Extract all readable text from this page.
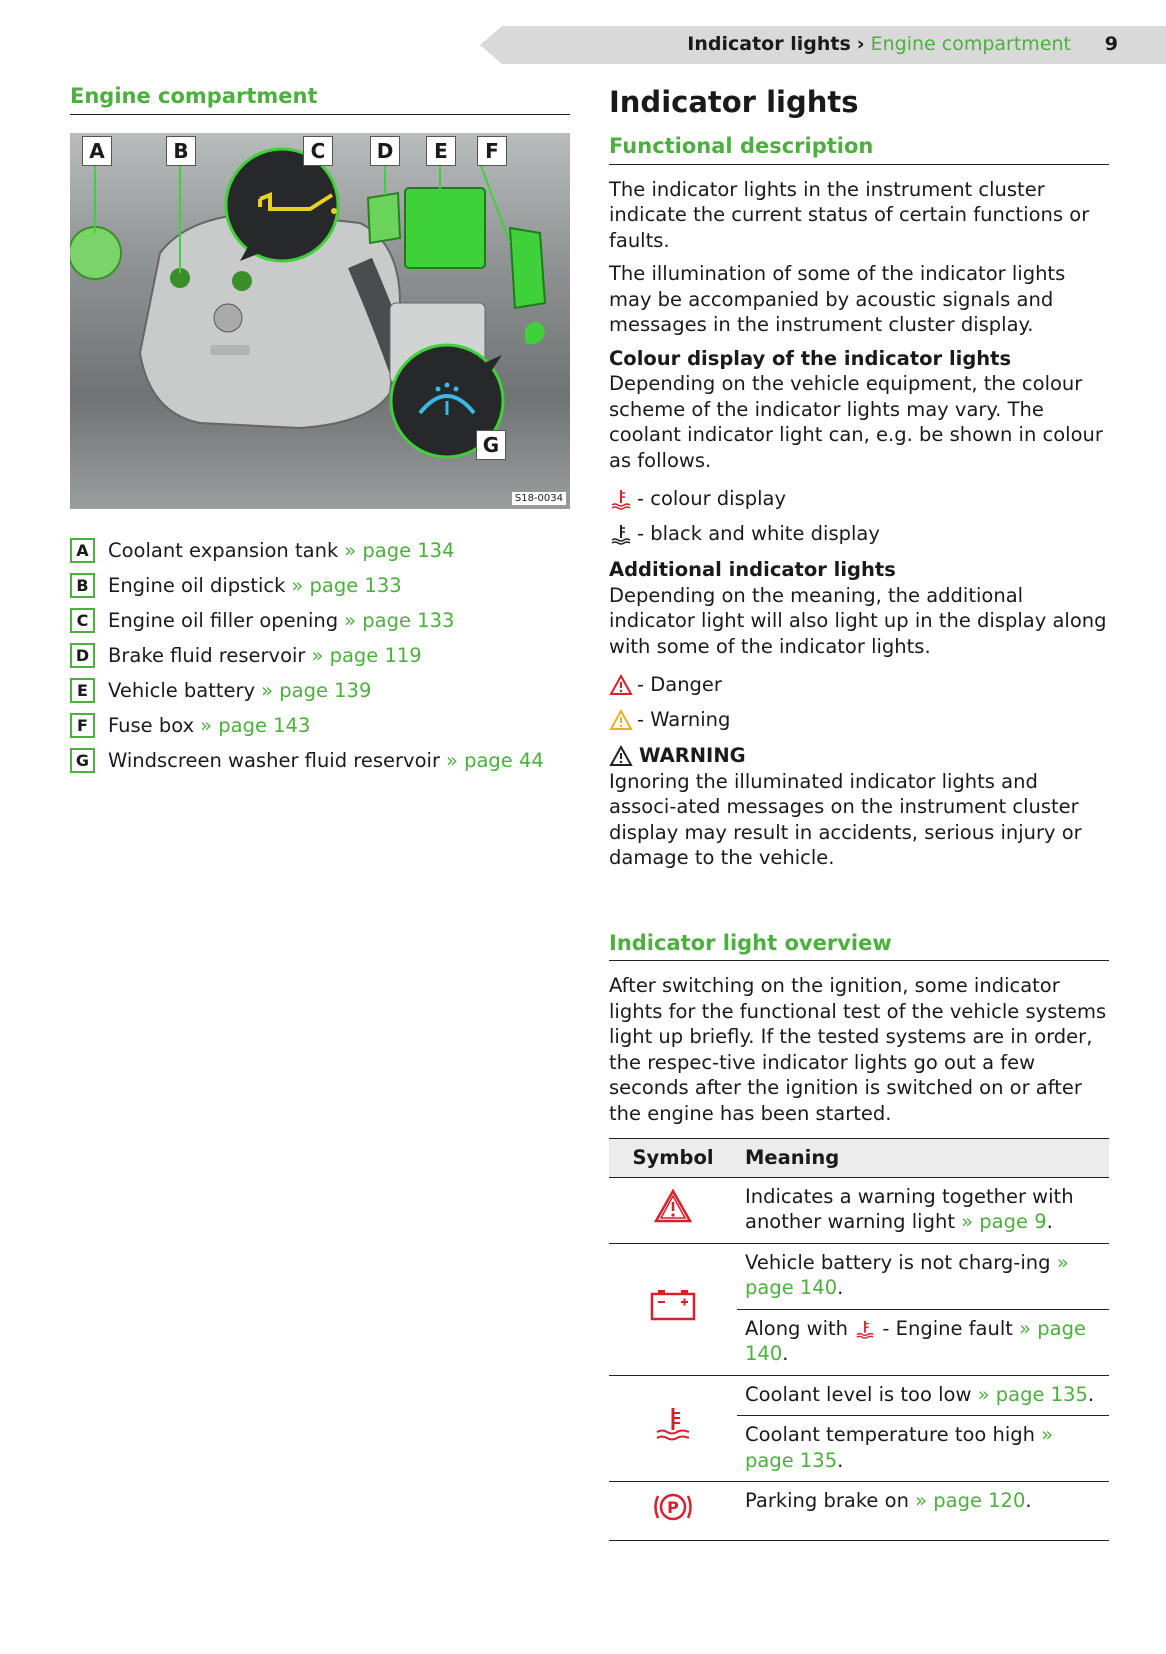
Indicator lights › Engine compartment 9
Engine compartment
A	B	C	D	E	F
G
S18-0034
A Coolant expansion tank » page 134
B Engine oil dipstick » page 133
C	Engine oil filler opening » page 133
D Brake fluid reservoir » page 119
E	Vehicle battery » page 139
F	Fuse box » page 143
G Windscreen washer fluid reservoir » page 44
Indicator lights
Functional description

The indicator lights in the instrument cluster indicate the current status of certain functions or faults.

The illumination of some of the indicator lights may be accompanied by acoustic signals and messages in the instrument cluster display.

Colour display of the indicator lights

Depending on the vehicle equipment, the colour scheme of the indicator lights may vary. The coolant indicator light can, e.g. be shown in colour as follows.

- colour display
- black and white display
Additional indicator lights

Depending on the meaning, the additional indicator light will also light up in the display along with some of the indicator lights.

- Danger
- Warning
WARNING

Ignoring the illuminated indicator lights and associ-ated messages on the instrument cluster display may result in accidents, serious injury or damage to the vehicle.

Indicator light overview

After switching on the ignition, some indicator lights for the functional test of the vehicle systems light up briefly. If the tested systems are in order, the respec-tive indicator lights go out a few seconds after the ignition is switched on or after the engine has been started.

Symbol	Meaning
	Indicates a warning together with another warning light » page 9.
	Vehicle battery is not charg-ing » page 140.
	Along with - Engine fault » page 140.
	Coolant level is too low » page 135.
	Coolant temperature too high » page 135.

P	Parking brake on » page 120.
